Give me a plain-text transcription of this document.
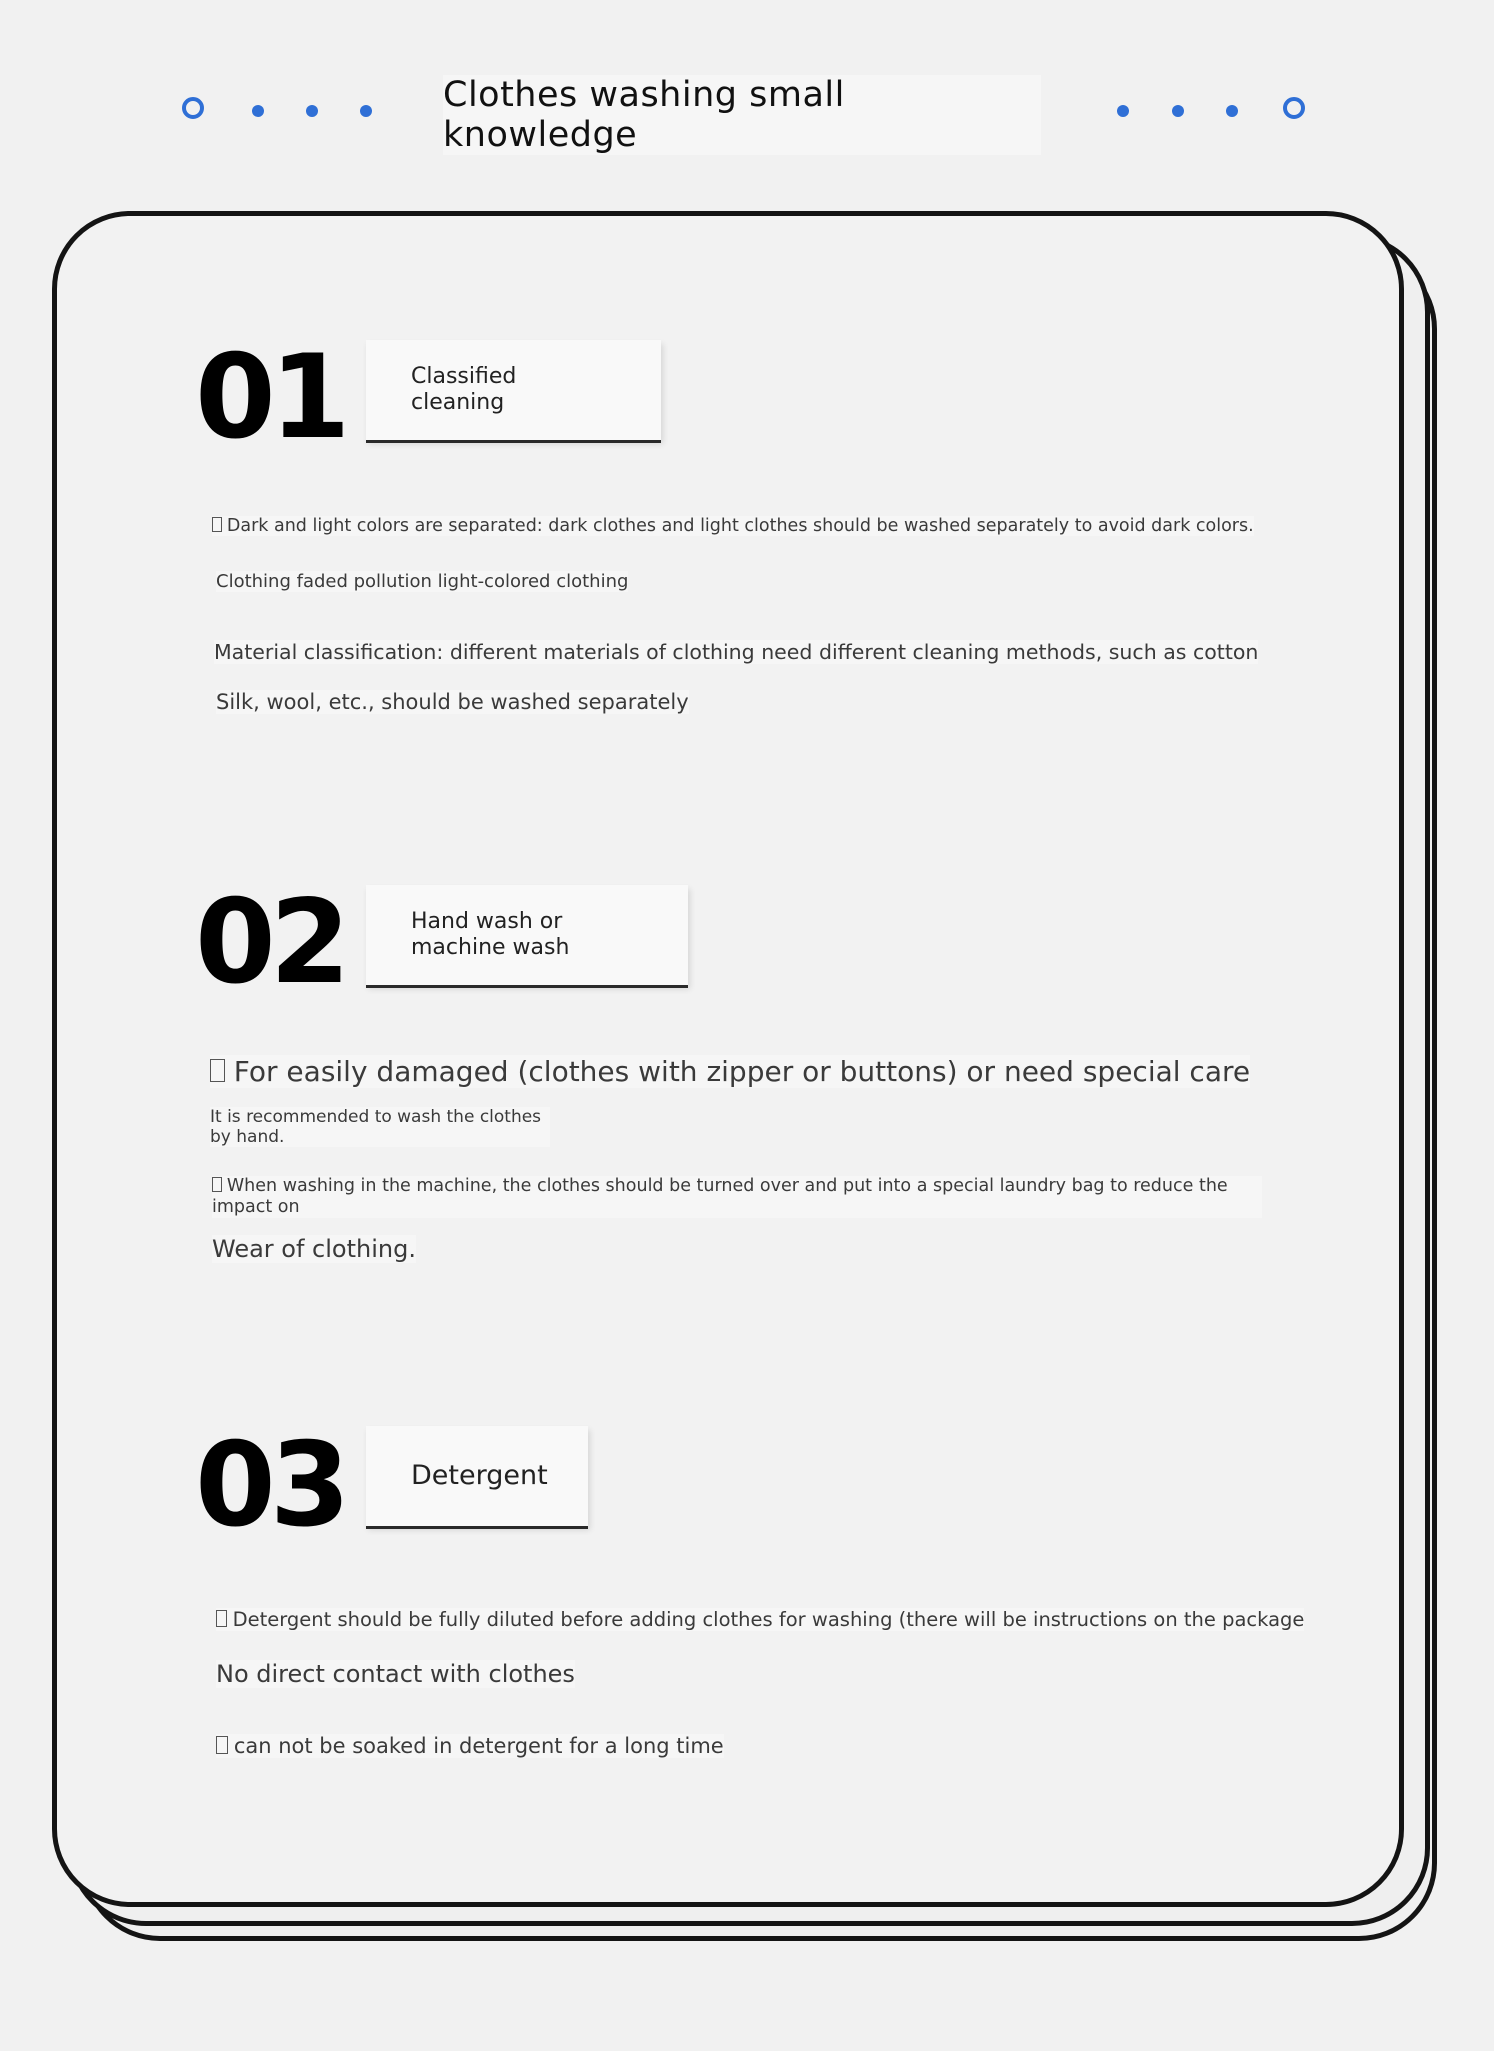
Clothes washing small knowledge
01	Classified cleaning
Dark and light colors are separated: dark clothes and light clothes should be washed separately to avoid dark colors.
Clothing faded pollution light-colored clothing
Material classification: different materials of clothing need different cleaning methods, such as cotton
Silk, wool, etc., should be washed separately
02	Hand wash or machine wash
For easily damaged (clothes with zipper or buttons) or need special care
It is recommended to wash the clothes by hand.
When washing in the machine, the clothes should be turned over and put into a special laundry bag to reduce the impact on
Wear of clothing.
03 Detergent
Detergent should be fully diluted before adding clothes for washing (there will be instructions on the package
No direct contact with clothes
can not be soaked in detergent for a long time
